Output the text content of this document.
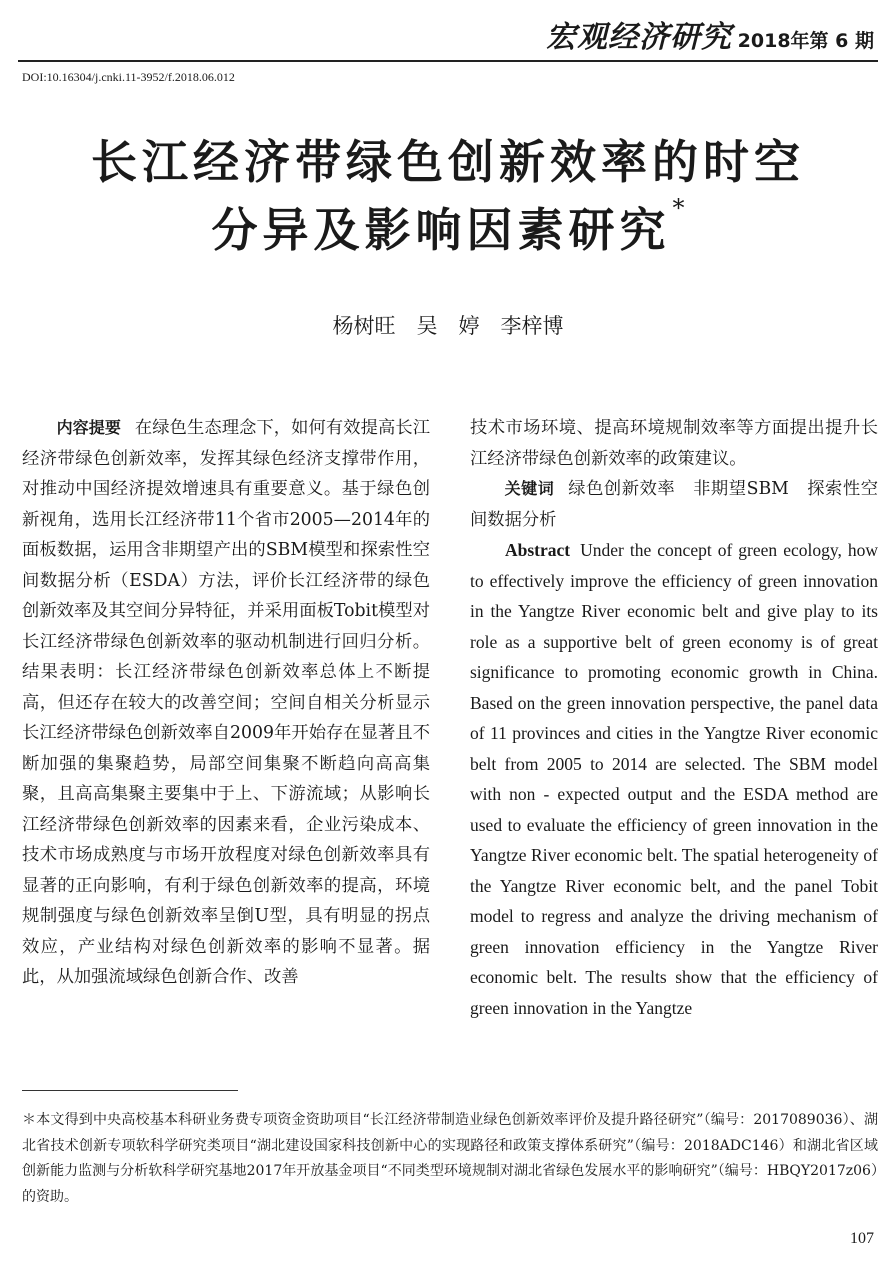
宏观经济研究 2018年第 6 期
DOI:10.16304/j.cnki.11-3952/f.2018.06.012
长江经济带绿色创新效率的时空
分异及影响因素研究*
杨树旺　吴　婷　李梓博
内容提要 在绿色生态理念下，如何有效提高长江经济带绿色创新效率，发挥其绿色经济支撑带作用，对推动中国经济提效增速具有重要意义。基于绿色创新视角，选用长江经济带11个省市2005—2014年的面板数据，运用含非期望产出的SBM模型和探索性空间数据分析（ESDA）方法，评价长江经济带的绿色创新效率及其空间分异特征，并采用面板Tobit模型对长江经济带绿色创新效率的驱动机制进行回归分析。结果表明：长江经济带绿色创新效率总体上不断提高，但还存在较大的改善空间；空间自相关分析显示长江经济带绿色创新效率自2009年开始存在显著且不断加强的集聚趋势，局部空间集聚不断趋向高高集聚，且高高集聚主要集中于上、下游流域；从影响长江经济带绿色创新效率的因素来看，企业污染成本、技术市场成熟度与市场开放程度对绿色创新效率具有显著的正向影响，有利于绿色创新效率的提高，环境规制强度与绿色创新效率呈倒U型，具有明显的拐点效应，产业结构对绿色创新效率的影响不显著。据此，从加强流域绿色创新合作、改善
技术市场环境、提高环境规制效率等方面提出提升长江经济带绿色创新效率的政策建议。
关键词 绿色创新效率　非期望SBM　探索性空间数据分析
Abstract Under the concept of green ecology, how to effectively improve the efficiency of green innovation in the Yangtze River economic belt and give play to its role as a supportive belt of green economy is of great significance to promoting economic growth in China. Based on the green innovation perspective, the panel data of 11 provinces and cities in the Yangtze River economic belt from 2005 to 2014 are selected. The SBM model with non - expected output and the ESDA method are used to evaluate the efficiency of green innovation in the Yangtze River economic belt. The spatial heterogeneity of the Yangtze River economic belt, and the panel Tobit model to regress and analyze the driving mechanism of green innovation efficiency in the Yangtze River economic belt. The results show that the efficiency of green innovation in the Yangtze
＊本文得到中央高校基本科研业务费专项资金资助项目“长江经济带制造业绿色创新效率评价及提升路径研究”（编号：2017089036）、湖北省技术创新专项软科学研究类项目“湖北建设国家科技创新中心的实现路径和政策支撑体系研究”（编号：2018ADC146）和湖北省区域创新能力监测与分析软科学研究基地2017年开放基金项目“不同类型环境规制对湖北省绿色发展水平的影响研究”（编号：HBQY2017z06）的资助。
107
